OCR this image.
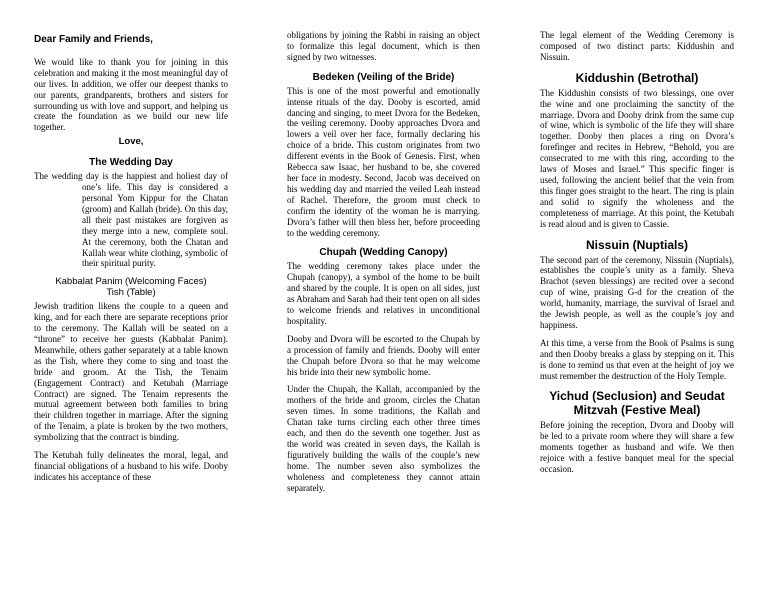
Dear Family and Friends,

We would like to thank you for joining in this celebration and making it the most meaningful day of our lives. In addition, we offer our deepest thanks to our parents, grandparents, brothers and sisters for surrounding us with love and support, and helping us create the foundation as we build our new life together.

Love,
The Wedding Day

The wedding day is the happiest and holiest day of one’s life. This day is considered a personal Yom Kippur for the Chatan (groom) and Kallah (bride). On this day, all their past mistakes are forgiven as they merge into a new, complete soul. At the ceremony, both the Chatan and Kallah wear white clothing, symbolic of their spiritual purity.

Kabbalat Panim (Welcoming Faces)
Tish (Table)

Jewish tradition likens the couple to a queen and king, and for each there are separate receptions prior to the ceremony. The Kallah will be seated on a “throne” to receive her guests (Kabbalat Panim). Meanwhile, others gather separately at a table known as the Tish, where they come to sing and toast the bride and groom. At the Tish, the Tenaim (Engagement Contract) and Ketubah (Marriage Contract) are signed. The Tenaim represents the mutual agreement between both families to bring their children together in marriage. After the signing of the Tenaim, a plate is broken by the two mothers, symbolizing that the contract is binding.

The Ketubah fully delineates the moral, legal, and financial obligations of a husband to his wife. Dooby indicates his acceptance of these

obligations by joining the Rabbi in raising an object to formalize this legal document, which is then signed by two witnesses.

Bedeken (Veiling of the Bride)

This is one of the most powerful and emotionally intense rituals of the day. Dooby is escorted, amid dancing and singing, to meet Dvora for the Bedeken, the veiling ceremony. Dooby approaches Dvora and lowers a veil over her face, formally declaring his choice of a bride. This custom originates from two different events in the Book of Genesis. First, when Rebecca saw Isaac, her husband to be, she covered her face in modesty. Second, Jacob was deceived on his wedding day and married the veiled Leah instead of Rachel. Therefore, the groom must check to confirm the identity of the woman he is marrying. Dvora’s father will then bless her, before proceeding to the wedding ceremony.

Chupah (Wedding Canopy)

The wedding ceremony takes place under the Chupah (canopy), a symbol of the home to be built and shared by the couple. It is open on all sides, just as Abraham and Sarah had their tent open on all sides to welcome friends and relatives in unconditional hospitality.

Dooby and Dvora will be escorted to the Chupah by a procession of family and friends. Dooby will enter the Chupah before Dvora so that he may welcome his bride into their new symbolic home.

Under the Chupah, the Kallah, accompanied by the mothers of the bride and groom, circles the Chatan seven times. In some traditions, the Kallah and Chatan take turns circling each other three times each, and then do the seventh one together. Just as the world was created in seven days, the Kallah is figuratively building the walls of the couple’s new home. The number seven also symbolizes the wholeness and completeness they cannot attain separately.

The legal element of the Wedding Ceremony is composed of two distinct parts: Kiddushin and Nissuin.

Kiddushin (Betrothal)

The Kiddushin consists of two blessings, one over the wine and one proclaiming the sanctity of the marriage. Dvora and Dooby drink from the same cup of wine, which is symbolic of the life they will share together. Dooby then places a ring on Dvora’s forefinger and recites in Hebrew, “Behold, you are consecrated to me with this ring, according to the laws of Moses and Israel.” This specific finger is used, following the ancient belief that the vein from this finger goes straight to the heart. The ring is plain and solid to signify the wholeness and the completeness of marriage. At this point, the Ketubah is read aloud and is given to Cassie.

Nissuin (Nuptials)

The second part of the ceremony, Nissuin (Nuptials), establishes the couple’s unity as a family. Sheva Brachot (seven blessings) are recited over a second cup of wine, praising G-d for the creation of the world, humanity, marriage, the survival of Israel and the Jewish people, as well as the couple’s joy and happiness.

At this time, a verse from the Book of Psalms is sung and then Dooby breaks a glass by stepping on it. This is done to remind us that even at the height of joy we must remember the destruction of the Holy Temple.

Yichud (Seclusion) and Seudat Mitzvah (Festive Meal)

Before joining the reception, Dvora and Dooby will be led to a private room where they will share a few moments together as husband and wife. We then rejoice with a festive banquet meal for the special occasion.
